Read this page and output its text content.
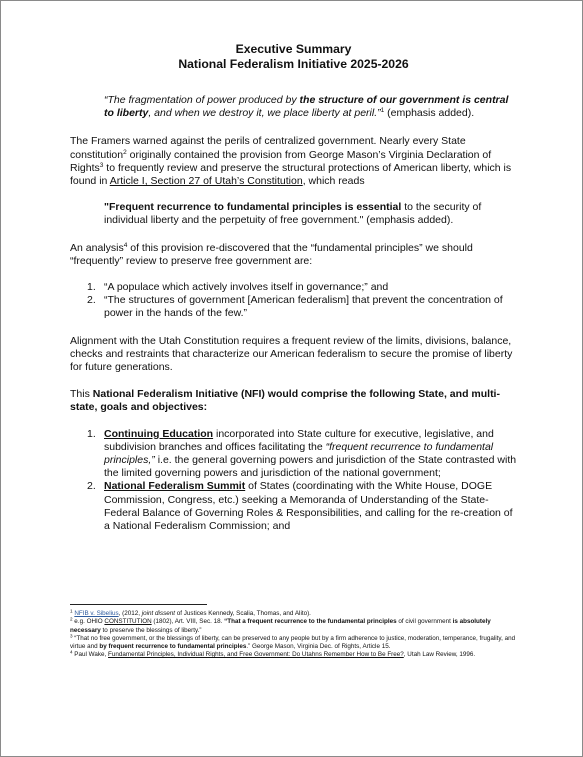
Executive Summary
National Federalism Initiative 2025-2026

“The fragmentation of power produced by the structure of our government is central to liberty, and when we destroy it, we place liberty at peril.”$^1$ (emphasis added).

The Framers warned against the perils of centralized government. Nearly every State constitution$^2$ originally contained the provision from George Mason’s Virginia Declaration of Rights$^3$ to frequently review and preserve the structural protections of American liberty, which is found in Article I, Section 27 of Utah’s Constitution, which reads

"Frequent recurrence to fundamental principles is essential to the security of individual liberty and the perpetuity of free government." (emphasis added).

An analysis$^4$ of this provision re-discovered that the “fundamental principles” we should “frequently” review to preserve free government are:

1. “A populace which actively involves itself in governance;” and
2. “The structures of government [American federalism] that prevent the concentration of power in the hands of the few.”

Alignment with the Utah Constitution requires a frequent review of the limits, divisions, balance, checks and restraints that characterize our American federalism to secure the promise of liberty for future generations.

This National Federalism Initiative (NFI) would comprise the following State, and multi-state, goals and objectives:

1. Continuing Education incorporated into State culture for executive, legislative, and subdivision branches and offices facilitating the “frequent recurrence to fundamental principles,” i.e. the general governing powers and jurisdiction of the State contrasted with the limited governing powers and jurisdiction of the national government;
2. National Federalism Summit of States (coordinating with the White House, DOGE Commission, Congress, etc.) seeking a Memoranda of Understanding of the State-Federal Balance of Governing Roles & Responsibilities, and calling for the re-creation of a National Federalism Commission; and

$^1$ NFIB v. Sibelius, (2012, joint dissent of Justices Kennedy, Scalia, Thomas, and Alito).

$^2$ e.g. OHIO CONSTITUTION (1802), Art. VIII, Sec. 18. “That a frequent recurrence to the fundamental principles of civil government is absolutely necessary to preserve the blessings of liberty.”

$^3$ “That no free government, or the blessings of liberty, can be preserved to any people but by a firm adherence to justice, moderation, temperance, frugality, and virtue and by frequent recurrence to fundamental principles.” George Mason, Virginia Dec. of Rights, Article 15.

$^4$ Paul Wake, Fundamental Principles, Individual Rights, and Free Government: Do Utahns Remember How to Be Free?, Utah Law Review, 1996.
